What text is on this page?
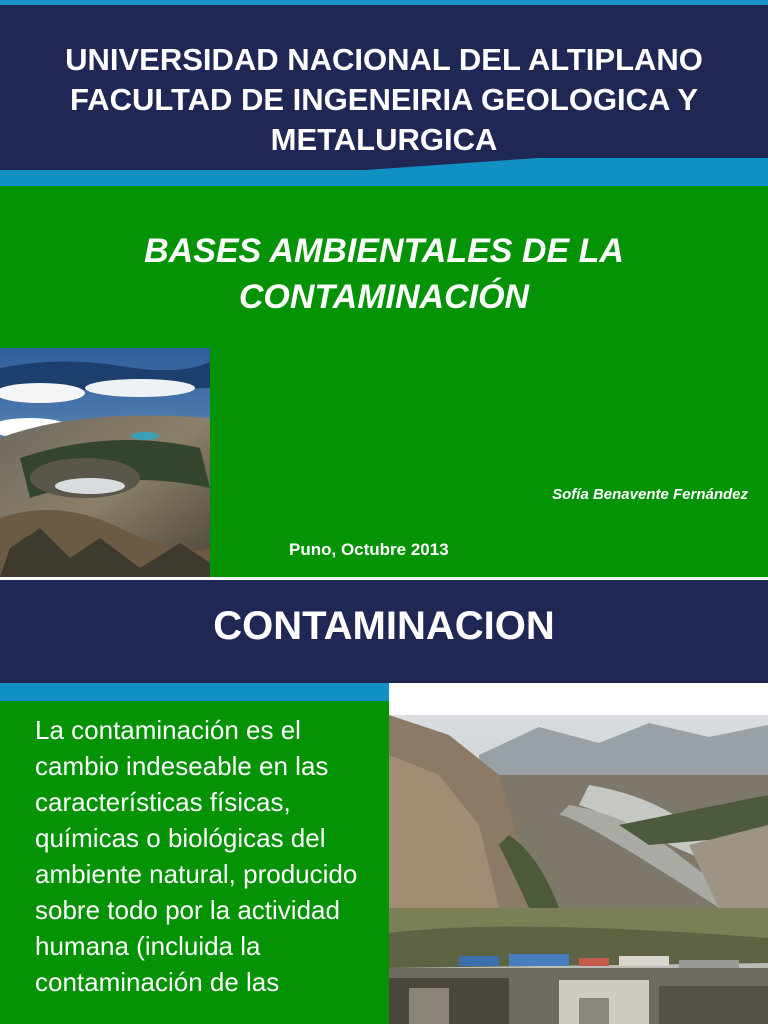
UNIVERSIDAD NACIONAL DEL ALTIPLANO
FACULTAD DE INGENEIRIA GEOLOGICA Y
METALURGICA
BASES AMBIENTALES DE LA
CONTAMINACIÓN
Sofía Benavente Fernández
Puno, Octubre 2013
CONTAMINACION

La contaminación es el cambio indeseable en las características físicas, químicas o biológicas del ambiente natural, producido sobre todo por la actividad humana (incluida la contaminación de las
